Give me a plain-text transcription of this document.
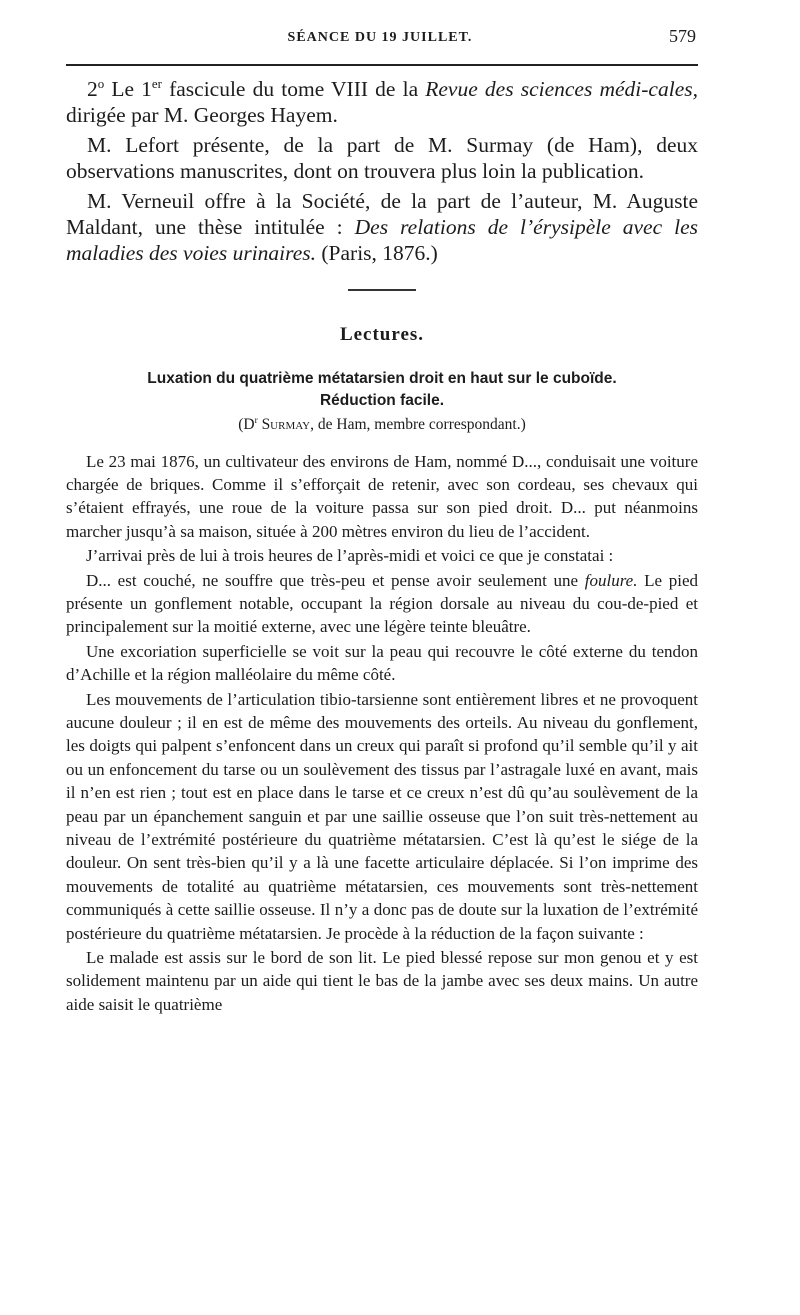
SÉANCE DU 19 JUILLET.	579

2$^o$ Le 1er fascicule du tome VIII de la Revue des sciences médi-cales, dirigée par M. Georges Hayem.

M. Lefort présente, de la part de M. Surmay (de Ham), deux observations manuscrites, dont on trouvera plus loin la publication.

M. Verneuil offre à la Société, de la part de l’auteur, M. Auguste Maldant, une thèse intitulée : Des relations de l’érysipèle avec les maladies des voies urinaires. (Paris, 1876.)

Lectures.
Luxation du quatrième métatarsien droit en haut sur le cuboïde.
Réduction facile.
($D^r$ Surmay, de Ham, membre correspondant.)

Le 23 mai 1876, un cultivateur des environs de Ham, nommé D..., conduisait une voiture chargée de briques. Comme il s’efforçait de retenir, avec son cordeau, ses chevaux qui s’étaient effrayés, une roue de la voiture passa sur son pied droit. D... put néanmoins marcher jusqu’à sa maison, située à 200 mètres environ du lieu de l’accident.

J’arrivai près de lui à trois heures de l’après-midi et voici ce que je constatai :

D... est couché, ne souffre que très-peu et pense avoir seulement une foulure. Le pied présente un gonflement notable, occupant la région dorsale au niveau du cou-de-pied et principalement sur la moitié externe, avec une légère teinte bleuâtre.

Une excoriation superficielle se voit sur la peau qui recouvre le côté externe du tendon d’Achille et la région malléolaire du même côté.

Les mouvements de l’articulation tibio-tarsienne sont entièrement libres et ne provoquent aucune douleur ; il en est de même des mouvements des orteils. Au niveau du gonflement, les doigts qui palpent s’enfoncent dans un creux qui paraît si profond qu’il semble qu’il y ait ou un enfoncement du tarse ou un soulèvement des tissus par l’astragale luxé en avant, mais il n’en est rien ; tout est en place dans le tarse et ce creux n’est dû qu’au soulèvement de la peau par un épanchement sanguin et par une saillie osseuse que l’on suit très-nettement au niveau de l’extrémité postérieure du quatrième métatarsien. C’est là qu’est le siége de la douleur. On sent très-bien qu’il y a là une facette articulaire déplacée. Si l’on imprime des mouvements de totalité au quatrième métatarsien, ces mouvements sont très-nettement communiqués à cette saillie osseuse. Il n’y a donc pas de doute sur la luxation de l’extrémité postérieure du quatrième métatarsien. Je procède à la réduction de la façon suivante :

Le malade est assis sur le bord de son lit. Le pied blessé repose sur mon genou et y est solidement maintenu par un aide qui tient le bas de la jambe avec ses deux mains. Un autre aide saisit le quatrième
